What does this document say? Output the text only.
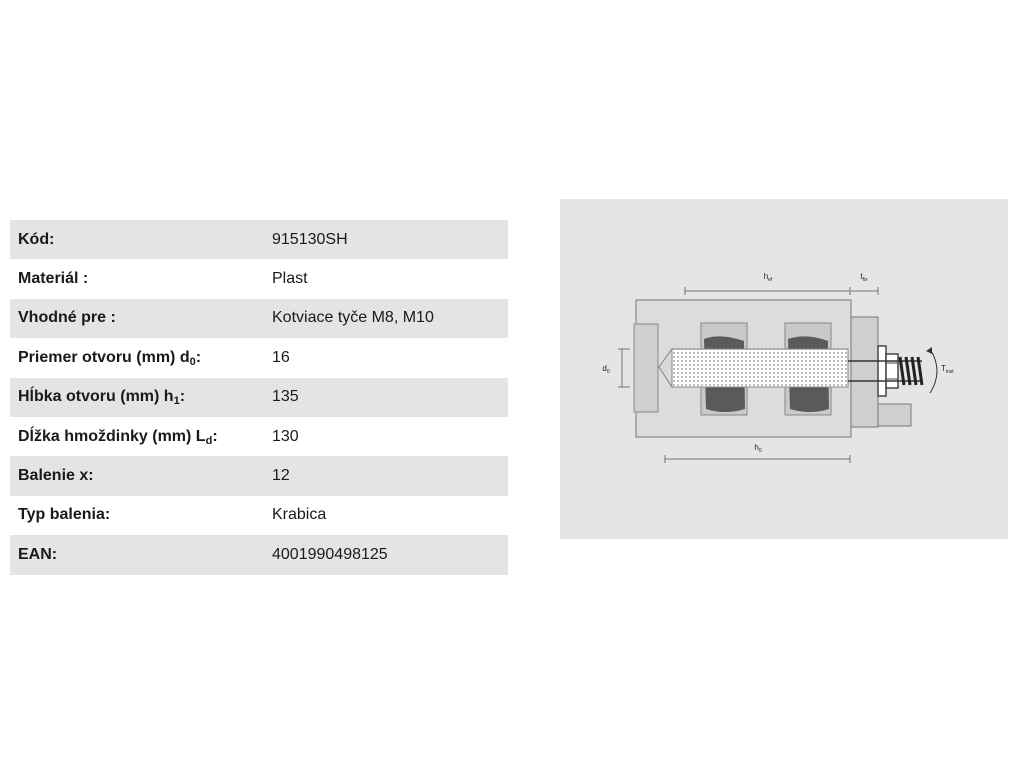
Kód:	915130SH
Materiál :	Plast
Vhodné pre :	Kotviace tyče M8, M10
Priemer otvoru (mm) $d_0$:	16
Hĺbka otvoru (mm) $h_1$:	135
Dĺžka hmoždinky (mm) $L_d$:	130
Balenie x:	12
Typ balenia:	Krabica
EAN:	4001990498125
$h_{ef}$	$t_{fix}$
$d_0$
$h_0$
$T_{inst}$
